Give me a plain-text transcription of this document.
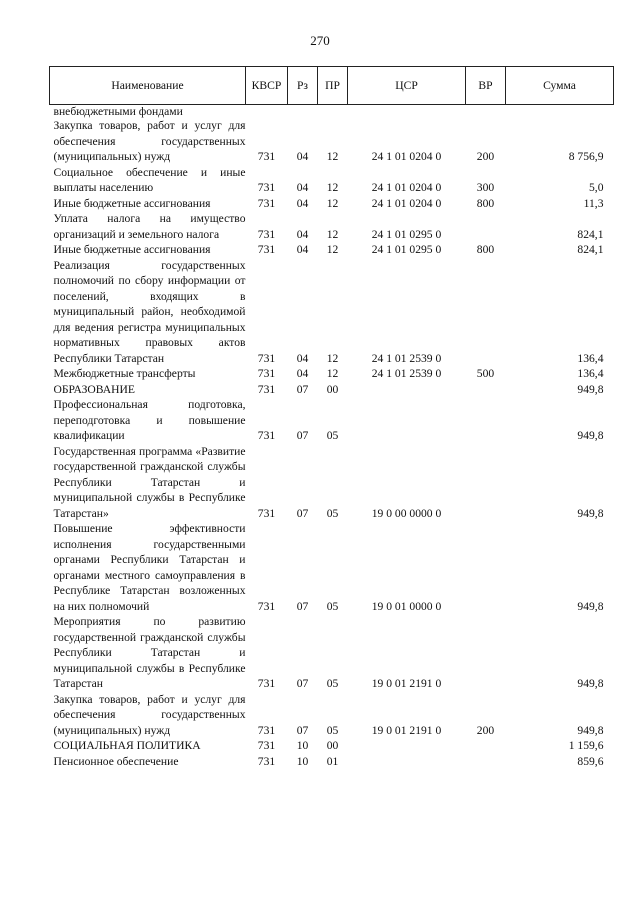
270
Наименование	КВСР	Рз	ПР	ЦСР	ВР	Сумма
внебюджетными фондами						
Закупка товаров, работ и услуг для обеспечения государственных (муниципальных) нужд	731	04	12	24 1 01 0204 0	200	8 756,9
Социальное обеспечение и иные выплаты населению	731	04	12	24 1 01 0204 0	300	5,0
Иные бюджетные ассигнования	731	04	12	24 1 01 0204 0	800	11,3
Уплата налога на имущество организаций и земельного налога	731	04	12	24 1 01 0295 0		824,1
Иные бюджетные ассигнования	731	04	12	24 1 01 0295 0	800	824,1
Реализация государственных полномочий по сбору информации от поселений, входящих в муниципальный район, необходимой для ведения регистра муниципальных нормативных правовых актов Республики Татарстан	731	04	12	24 1 01 2539 0		136,4
Межбюджетные трансферты	731	04	12	24 1 01 2539 0	500	136,4
ОБРАЗОВАНИЕ	731	07	00			949,8
Профессиональная подготовка, переподготовка и повышение квалификации	731	07	05			949,8
Государственная программа «Развитие государственной гражданской службы Республики Татарстан и муниципальной службы в Республике Татарстан»	731	07	05	19 0 00 0000 0		949,8
Повышение эффективности исполнения государственными органами Республики Татарстан и органами местного самоуправления в Республике Татарстан возложенных на них полномочий	731	07	05	19 0 01 0000 0		949,8
Мероприятия по развитию государственной гражданской службы Республики Татарстан и муниципальной службы в Республике Татарстан	731	07	05	19 0 01 2191 0		949,8
Закупка товаров, работ и услуг для обеспечения государственных (муниципальных) нужд	731	07	05	19 0 01 2191 0	200	949,8
СОЦИАЛЬНАЯ ПОЛИТИКА	731	10	00			1 159,6
Пенсионное обеспечение	731	10	01			859,6
